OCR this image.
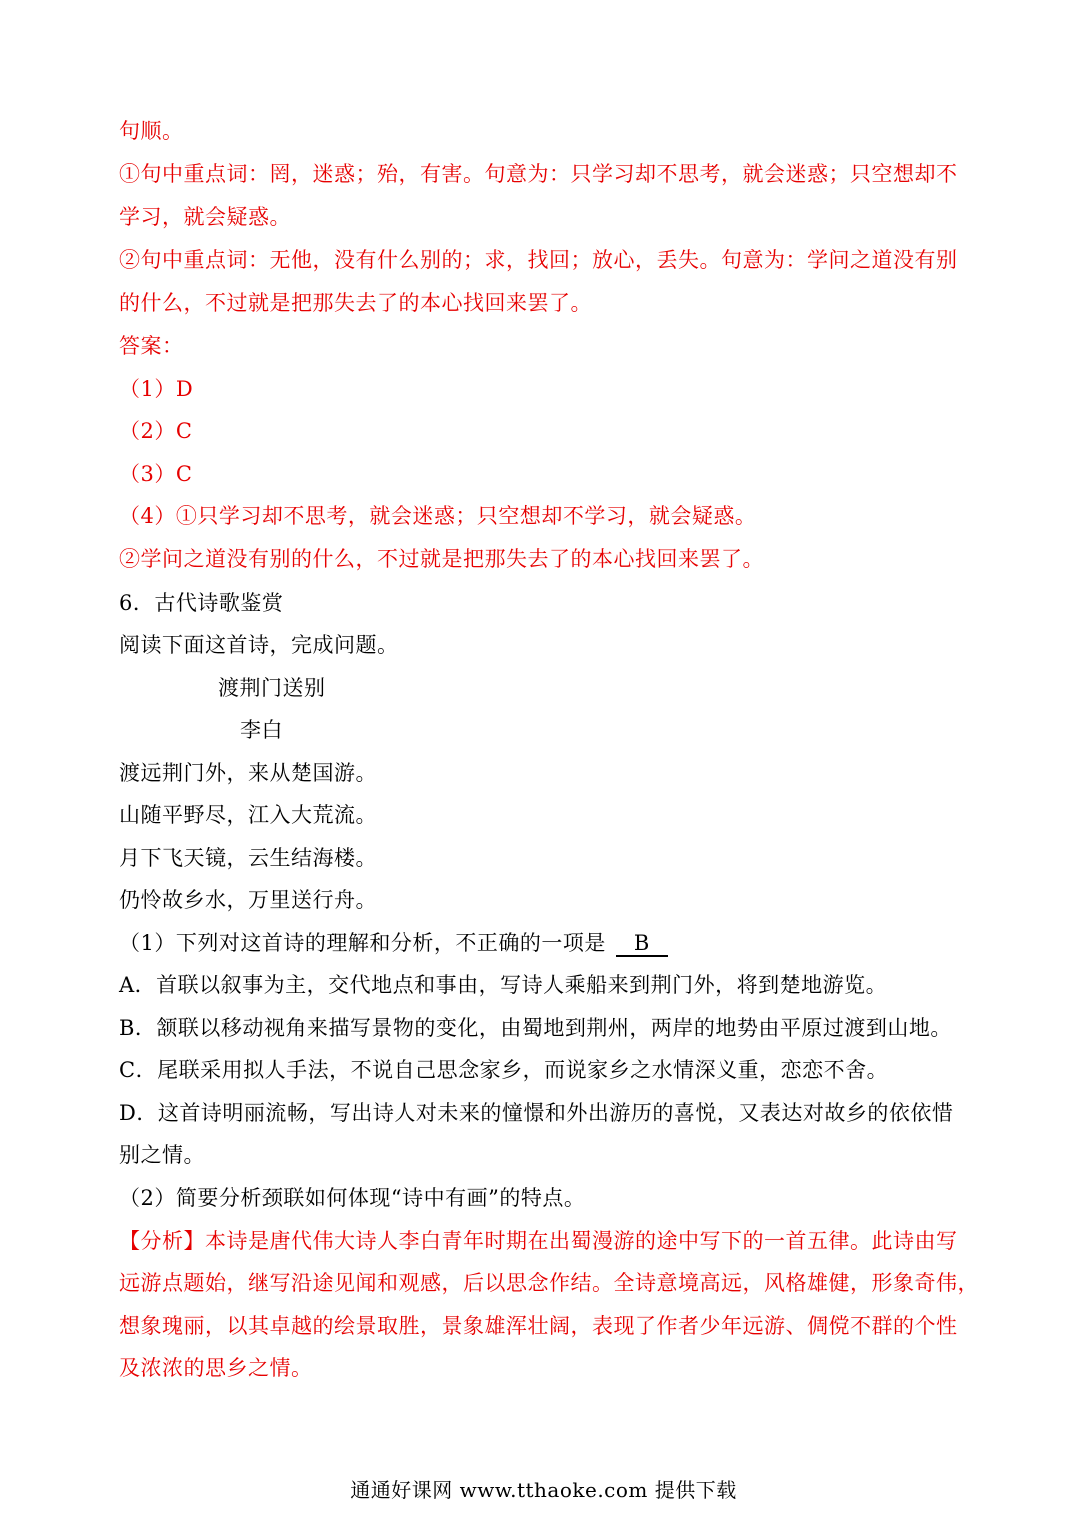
句顺。
①句中重点词：罔，迷惑；殆，有害。句意为：只学习却不思考，就会迷惑；只空想却不
学习，就会疑惑。
②句中重点词：无他，没有什么别的；求，找回；放心，丢失。句意为：学问之道没有别
的什么，不过就是把那失去了的本心找回来罢了。
答案：
（1）D
（2）C
（3）C
（4）①只学习却不思考，就会迷惑；只空想却不学习，就会疑惑。
②学问之道没有别的什么，不过就是把那失去了的本心找回来罢了。
6．古代诗歌鉴赏
阅读下面这首诗，完成问题。
渡荆门送别
李白
渡远荆门外，来从楚国游。
山随平野尽，江入大荒流。
月下飞天镜，云生结海楼。
仍怜故乡水，万里送行舟。
（1）下列对这首诗的理解和分析，不正确的一项是 B
A．首联以叙事为主，交代地点和事由，写诗人乘船来到荆门外，将到楚地游览。
B．颔联以移动视角来描写景物的变化，由蜀地到荆州，两岸的地势由平原过渡到山地。
C．尾联采用拟人手法，不说自己思念家乡，而说家乡之水情深义重，恋恋不舍。
D．这首诗明丽流畅，写出诗人对未来的憧憬和外出游历的喜悦，又表达对故乡的依依惜
别之情。
（2）简要分析颈联如何体现“诗中有画”的特点。
【分析】本诗是唐代伟大诗人李白青年时期在出蜀漫游的途中写下的一首五律。此诗由写
远游点题始，继写沿途见闻和观感，后以思念作结。全诗意境高远，风格雄健，形象奇伟，
想象瑰丽，以其卓越的绘景取胜，景象雄浑壮阔，表现了作者少年远游、倜傥不群的个性
及浓浓的思乡之情。
通通好课网 www.tthaoke.com 提供下载
